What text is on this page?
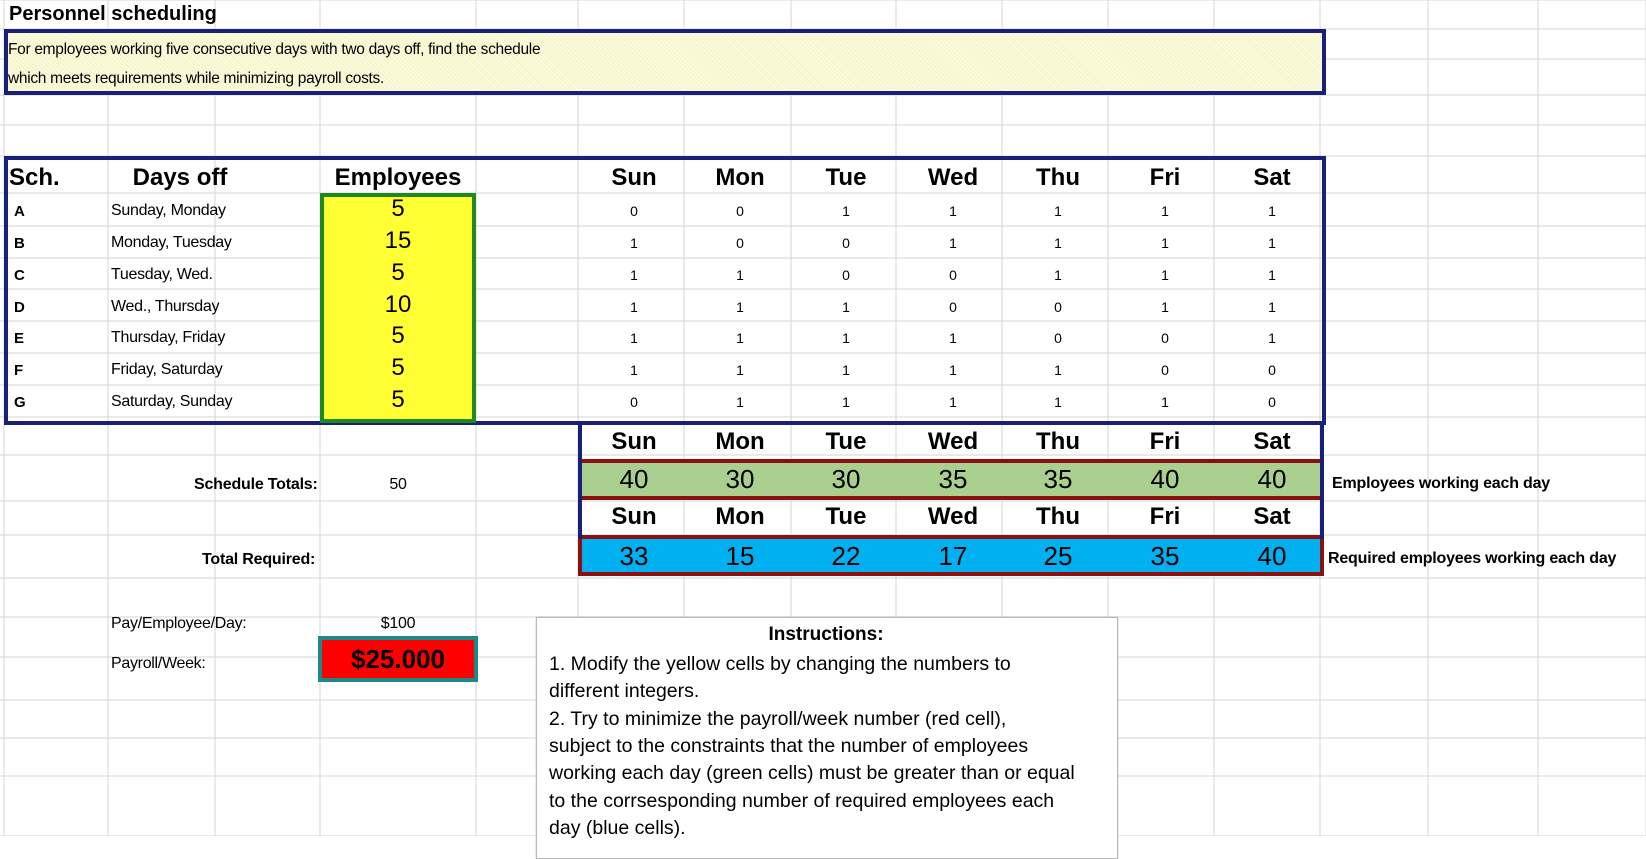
Personnel scheduling
For employees working five consecutive days with two days off, find the schedule
which meets requirements while minimizing payroll costs.
Sch.	Days off	Employees	Sun	Mon	Tue	Wed	Thu	Fri	Sat
A	Sunday, Monday	5	0	0	1	1	1	1	1
B	Monday, Tuesday	15	1	0	0	1	1	1	1
C	Tuesday, Wed.	5	1	1	0	0	1	1	1
D	Wed., Thursday	10	1	1	1	0	0	1	1
E	Thursday, Friday	5	1	1	1	1	0	0	1
F	Friday, Saturday	5	1	1	1	1	1	0	0
G	Saturday, Sunday	5	0	1	1	1	1	1	0
Schedule Totals:	50
Sun	Mon	Tue	Wed	Thu	Fri	Sat
40	30	30	35	35	40	40	Employees working each day
Total Required:
Sun	Mon	Tue	Wed	Thu	Fri	Sat
33	15	22	17	25	35	40	Required employees working each day
Pay/Employee/Day:	$100
Payroll/Week:	$25.000
Instructions:
1. Modify the yellow cells by changing the numbers to
different integers.
2. Try to minimize the payroll/week number (red cell),
subject to the constraints that the number of employees
working each day (green cells) must be greater than or equal
to the corrsesponding number of required employees each
day (blue cells).
